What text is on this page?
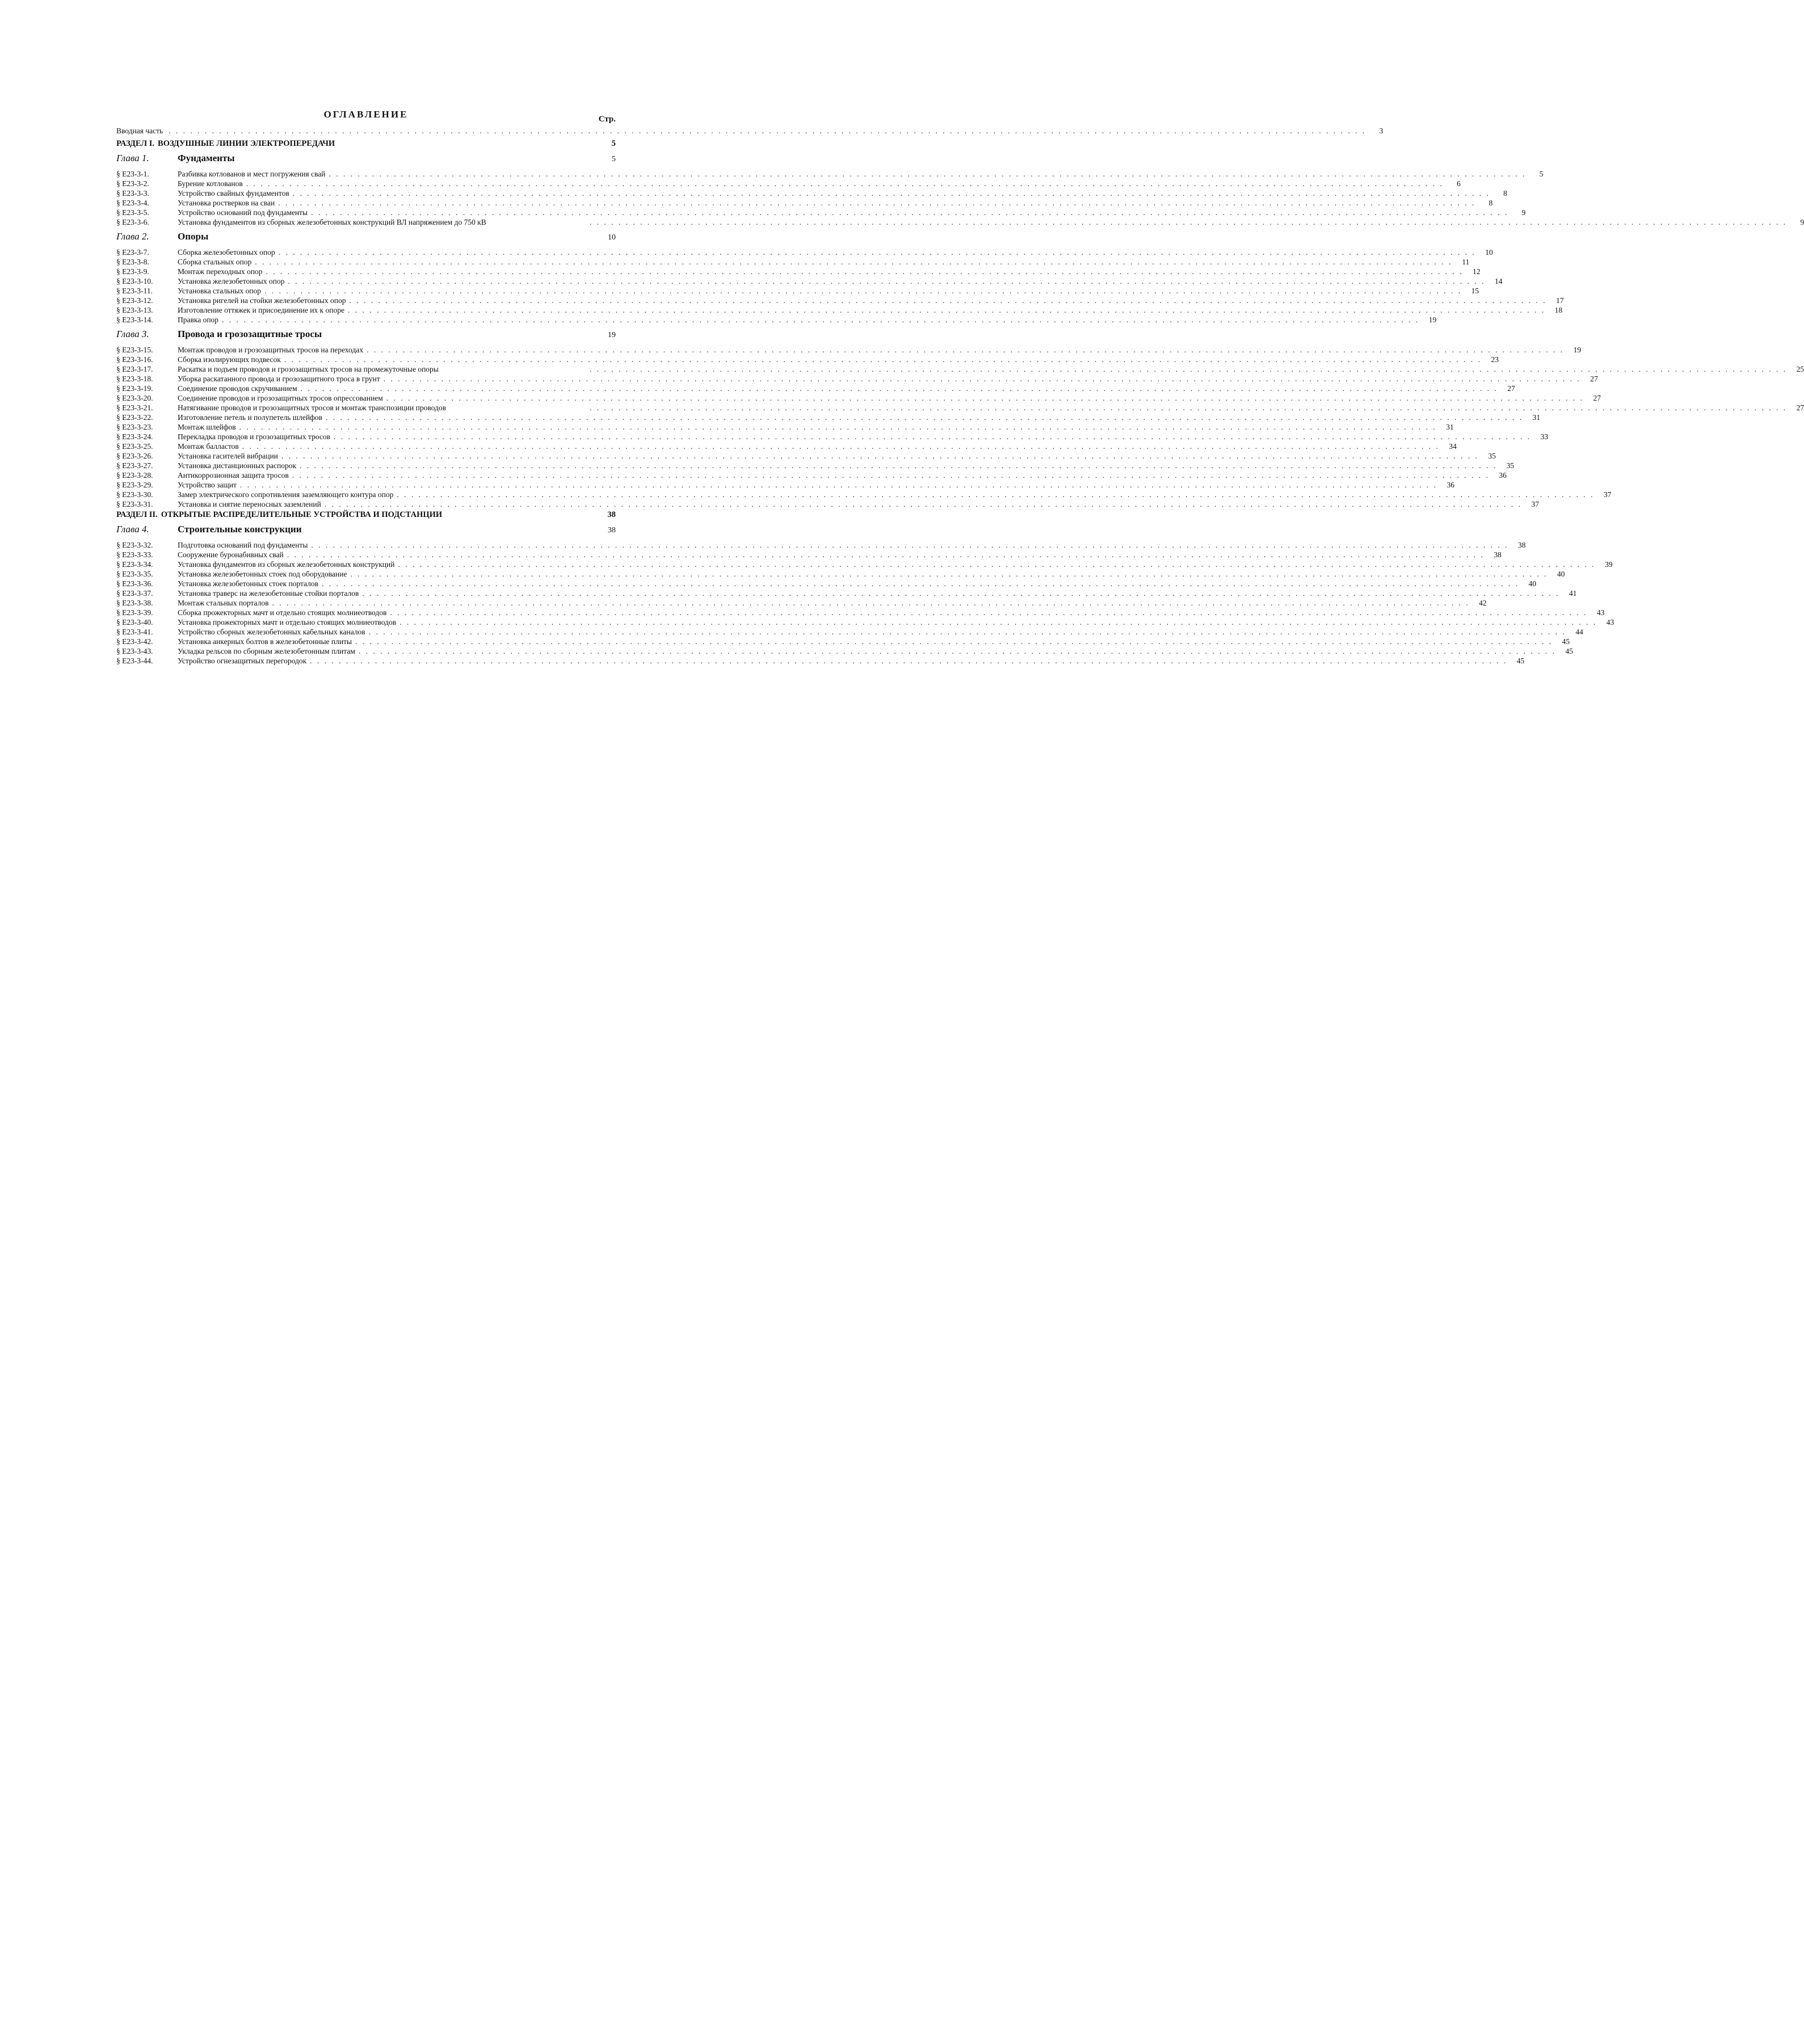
ОГЛАВЛЕНИЕ	Стр.
Вводная часть . . .	3
РАЗДЕЛ I. ВОЗДУШНЫЕ ЛИНИИ ЭЛЕКТРОПЕРЕДАЧИ	5
Глава 1.	Фундаменты	5
§ Е23-3-1.	Разбивка котлованов и мест погружения свай . . .	5
§ Е23-3-2.	Бурение котлованов . . .	6
§ Е23-3-3.	Устройство свайных фундаментов . . .	8
§ Е23-3-4.	Установка ростверков на сваи . . .	8
§ Е23-3-5.	Устройство оснований под фундаменты . . .	9
§ Е23-3-6.	Установка фундаментов из сборных железобетонных конструкций ВЛ напряжением до 750 кВ . . .	9
Глава 2.	Опоры	10
§ Е23-3-7.	Сборка железобетонных опор . . .	10
§ Е23-3-8.	Сборка стальных опор . . .	11
§ Е23-3-9.	Монтаж переходных опор . . .	12
§ Е23-3-10.	Установка железобетонных опор . . .	14
§ Е23-3-11.	Установка стальных опор . . .	15
§ Е23-3-12.	Установка ригелей на стойки железобетонных опор . . .	17
§ Е23-3-13.	Изготовление оттяжек и присоединение их к опоре . . .	18
§ Е23-3-14.	Правка опор . . .	19
Глава 3.	Провода и грозозащитные тросы	19
§ Е23-3-15.	Монтаж проводов и грозозащитных тросов на переходах . . .	19
§ Е23-3-16.	Сборка изолирующих подвесок . . .	23
§ Е23-3-17.	Раскатка и подъем проводов и грозозащитных тросов на промежуточные опоры . . .	25
§ Е23-3-18.	Уборка раскатанного провода и грозозащитного троса в грунт . . .	27
§ Е23-3-19.	Соединение проводов скручиванием . . .	27
§ Е23-3-20.	Соединение проводов и грозозащитных тросов опрессованием . . .	27
§ Е23-3-21.	Натягивание проводов и грозозащитных тросов и монтаж транспозиции проводов . . .	27
§ Е23-3-22.	Изготовление петель и полупетель шлейфов . . .	31
§ Е23-3-23.	Монтаж шлейфов . . .	31
§ Е23-3-24.	Перекладка проводов и грозозащитных тросов . . .	33
§ Е23-3-25.	Монтаж балластов . . .	34
§ Е23-3-26.	Установка гасителей вибрации . . .	35
§ Е23-3-27.	Установка дистанционных распорок . . .	35
§ Е23-3-28.	Антикоррозионная защита тросов . . .	36
§ Е23-3-29.	Устройство защит . . .	36
§ Е23-3-30.	Замер электрического сопротивления заземляющего контура опор . . .	37
§ Е23-3-31.	Установка и снятие переносных заземлений . . .	37
РАЗДЕЛ II. ОТКРЫТЫЕ РАСПРЕДЕЛИТЕЛЬНЫЕ УСТРОЙСТВА И ПОДСТАНЦИИ	38
Глава 4.	Строительные конструкции	38
§ Е23-3-32.	Подготовка оснований под фундаменты . . .	38
§ Е23-3-33.	Сооружение буронабивных свай . . .	38
§ Е23-3-34.	Установка фундаментов из сборных железобетонных конструкций . . .	39
§ Е23-3-35.	Установка железобетонных стоек под оборудование . . .	40
§ Е23-3-36.	Установка железобетонных стоек порталов . . .	40
§ Е23-3-37.	Установка траверс на железобетонные стойки порталов . . .	41
§ Е23-3-38.	Монтаж стальных порталов . . .	42
§ Е23-3-39.	Сборка прожекторных мачт и отдельно стоящих молниеотводов . . .	43
§ Е23-3-40.	Установка прожекторных мачт и отдельно стоящих молниеотводов . . .	43
§ Е23-3-41.	Устройство сборных железобетонных кабельных каналов . . .	44
§ Е23-3-42.	Установка анкерных болтов в железобетонные плиты . . .	45
§ Е23-3-43.	Укладка рельсов по сборным железобетонным плитам . . .	45
§ Е23-3-44.	Устройство огнезащитных перегородок . . .	45
